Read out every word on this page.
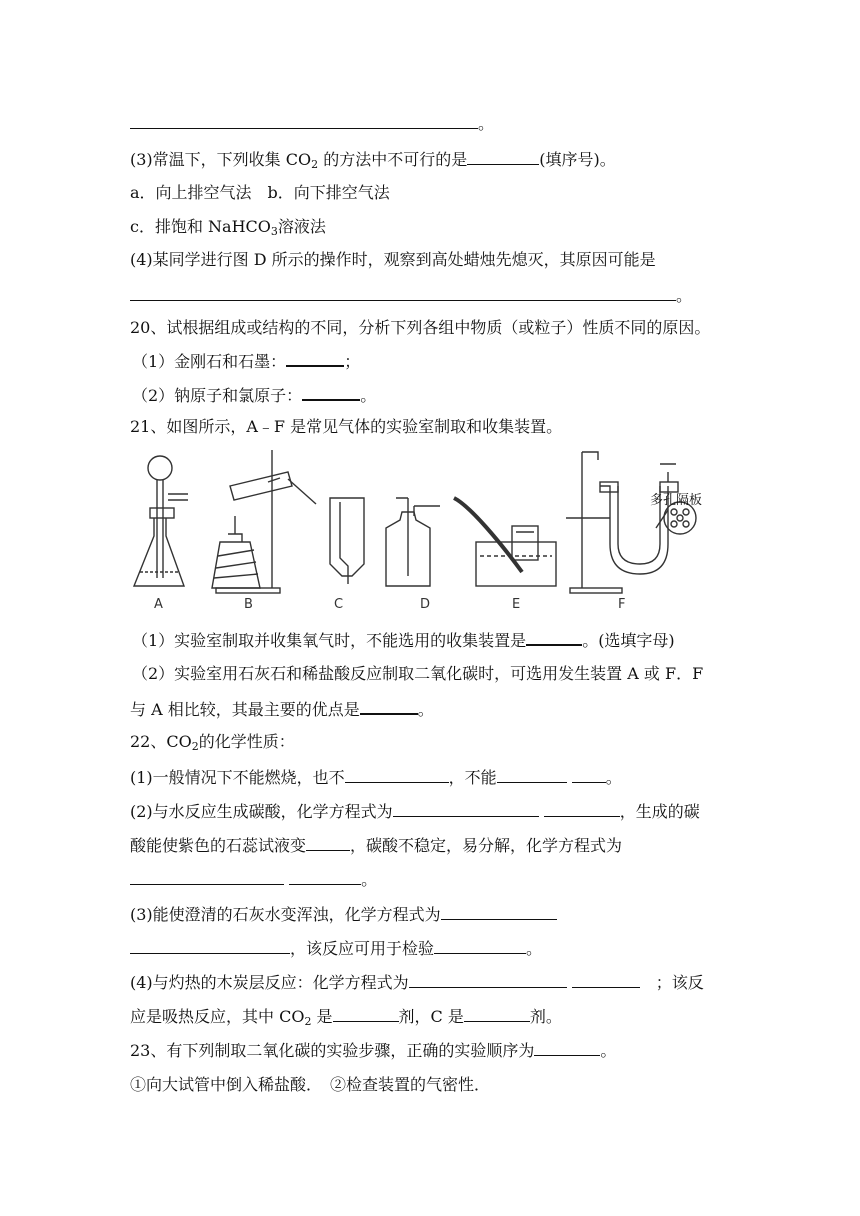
。
(3)常温下，下列收集 $CO_2$ 的方法中不可行的是	(填序号)。
a．向上排空气法　b．向下排空气法
c．排饱和 NaHCO$_3$溶液法
(4)某同学进行图 D 所示的操作时，观察到高处蜡烛先熄灭，其原因可能是
。
20、试根据组成或结构的不同，分析下列各组中物质（或粒子）性质不同的原因。
（1）金刚石和石墨：	；
（2）钠原子和氯原子：	。
21、如图所示，A﹣F 是常见气体的实验室制取和收集装置。
A	B	C	D	E	F
多孔隔板
（1）实验室制取并收集氧气时，不能选用的收集装置是	。(选填字母)
（2）实验室用石灰石和稀盐酸反应制取二氧化碳时，可选用发生装置 A 或 F．F
与 A 相比较，其最主要的优点是	。
22、$CO_2$的化学性质：
(1)一般情况下不能燃烧，也不	，不能	。
(2)与水反应生成碳酸，化学方程式为	，生成的碳
酸能使紫色的石蕊试液变	，碳酸不稳定，易分解，化学方程式为
。
(3)能使澄清的石灰水变浑浊，化学方程式为
，该反应可用于检验	。
(4)与灼热的木炭层反应：化学方程式为 　	；该反
应是吸热反应，其中 $CO_2$ 是	剂，C 是	剂。
23、有下列制取二氧化碳的实验步骤，正确的实验顺序为	。
①向大试管中倒入稀盐酸．　②检查装置的气密性．
